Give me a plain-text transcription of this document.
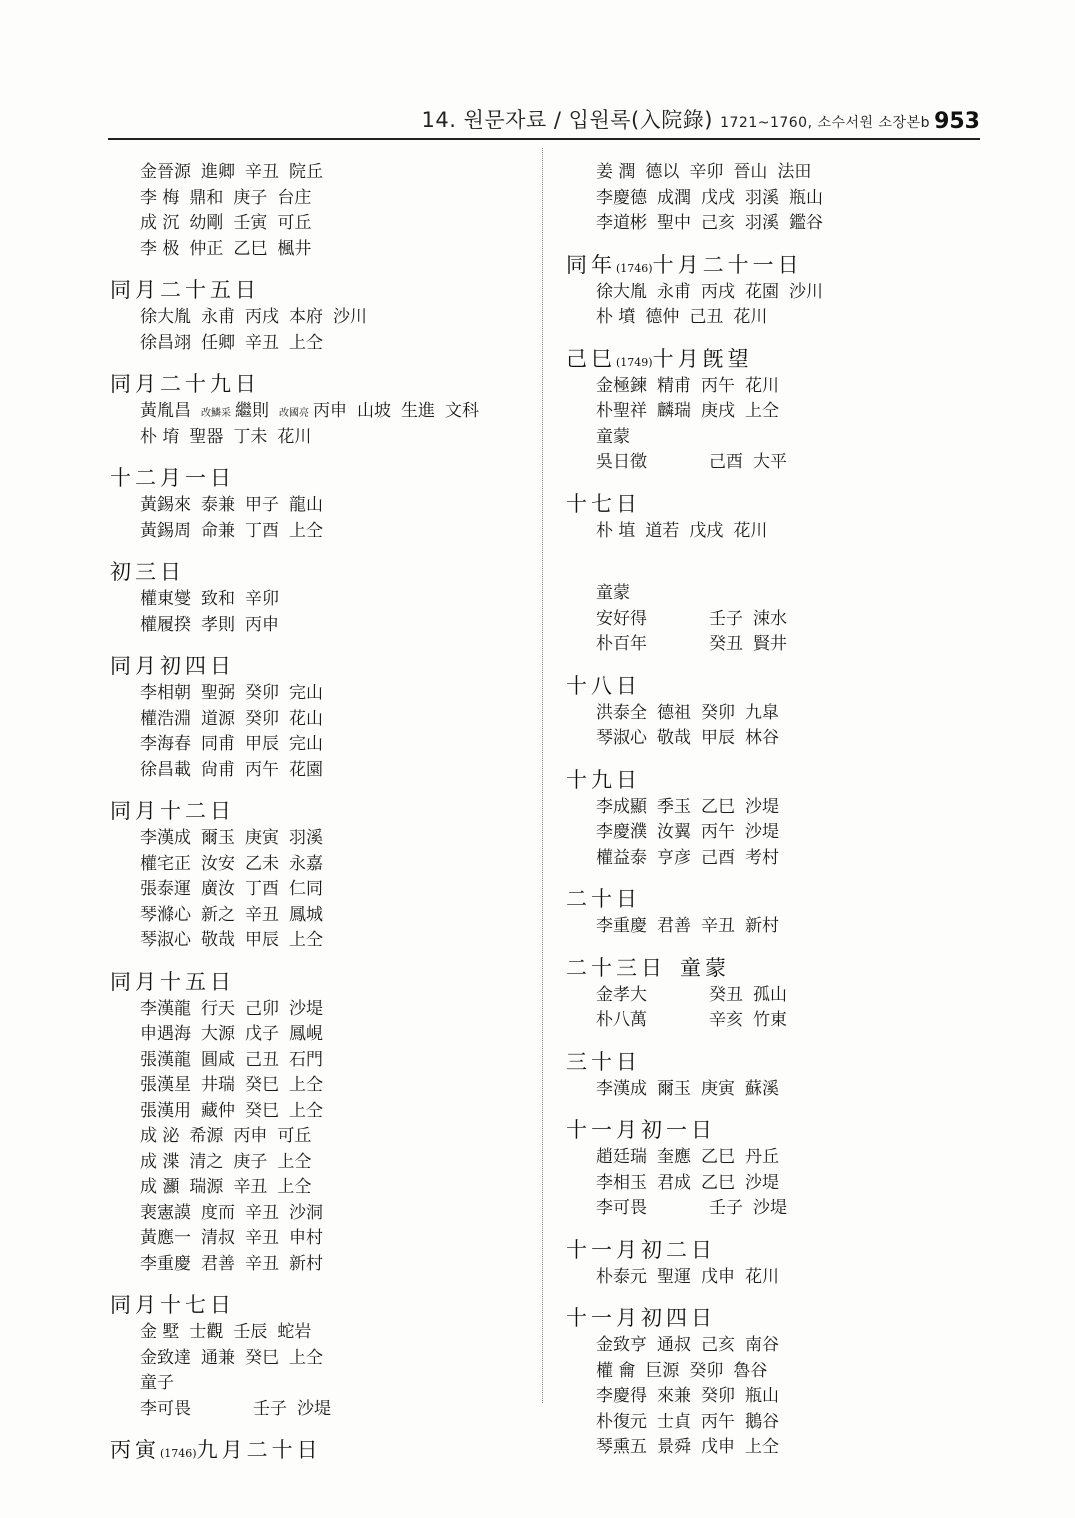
14. 원문자료 / 입원록(入院錄) 1721~1760, 소수서원 소장본b 953
金晉源 進卿 辛丑 院丘
李 梅 鼎和 庚子 台庄
成 沉 幼剛 壬寅 可丘
李 极 仲正 乙巳 楓井
同月二十五日
徐大胤 永甫 丙戌 本府 沙川
徐昌翊 任卿 辛丑 上仝
同月二十九日
黃胤昌 改鱗采 繼則 改國亮 丙申 山坡 生進 文科
朴 堉 聖器 丁未 花川
十二月一日
黃錫來 泰兼 甲子 龍山
黃錫周 命兼 丁酉 上仝
初三日
權東燮 致和 辛卯
權履揆 孝則 丙申
同月初四日
李相朝 聖弼 癸卯 完山
權浩淵 道源 癸卯 花山
李海春 同甫 甲辰 完山
徐昌載 尙甫 丙午 花園
同月十二日
李漢成 爾玉 庚寅 羽溪
權宅正 汝安 乙未 永嘉
張泰運 廣汝 丁酉 仁同
琴滌心 新之 辛丑 鳳城
琴淑心 敬哉 甲辰 上仝
同月十五日
李漢龍 行天 己卯 沙堤
申遇海 大源 戊子 鳳峴
張漢龍 圓咸 己丑 石門
張漢星 井瑞 癸巳 上仝
張漢用 藏仲 癸巳 上仝
成 泌 希源 丙申 可丘
成 渫 清之 庚子 上仝
成 灦 瑞源 辛丑 上仝
裵憲謨 度而 辛丑 沙洞
黃應一 清叔 辛丑 申村
李重慶 君善 辛丑 新村
同月十七日
金 墅 士觀 壬辰 蛇岩
金致達 通兼 癸巳 上仝
童子
李可畏	壬子 沙堤
丙寅(1746)九月二十日
姜 潤 德以 辛卯 晉山 法田
李慶德 成潤 戊戌 羽溪 瓶山
李道彬 聖中 己亥 羽溪 鑑谷
同年(1746)十月二十一日
徐大胤 永甫 丙戌 花園 沙川
朴 墳 德仲 己丑 花川
己巳(1749)十月旣望
金極鍊 精甫 丙午 花川
朴聖祥 麟瑞 庚戌 上仝
童蒙
吳日徵	己酉 大平
十七日
朴 埴 道若 戊戌 花川
童蒙
安好得	壬子 涑水
朴百年	癸丑 賢井
十八日
洪泰全 德祖 癸卯 九皐
琴淑心 敬哉 甲辰 林谷
十九日
李成顯 季玉 乙巳 沙堤
李慶濮 汝翼 丙午 沙堤
權益泰 亨彦 己酉 考村
二十日
李重慶 君善 辛丑 新村
二十三日 童蒙
金孝大	癸丑 孤山
朴八萬	辛亥 竹東
三十日
李漢成 爾玉 庚寅 蘇溪
十一月初一日
趙廷瑞 奎應 乙巳 丹丘
李相玉 君成 乙巳 沙堤
李可畏	壬子 沙堤
十一月初二日
朴泰元 聖運 戊申 花川
十一月初四日
金致亨 通叔 己亥 南谷
權 龠 巨源 癸卯 魯谷
李慶得 來兼 癸卯 瓶山
朴復元 士貞 丙午 鵝谷
琴熏五 景舜 戊申 上仝
